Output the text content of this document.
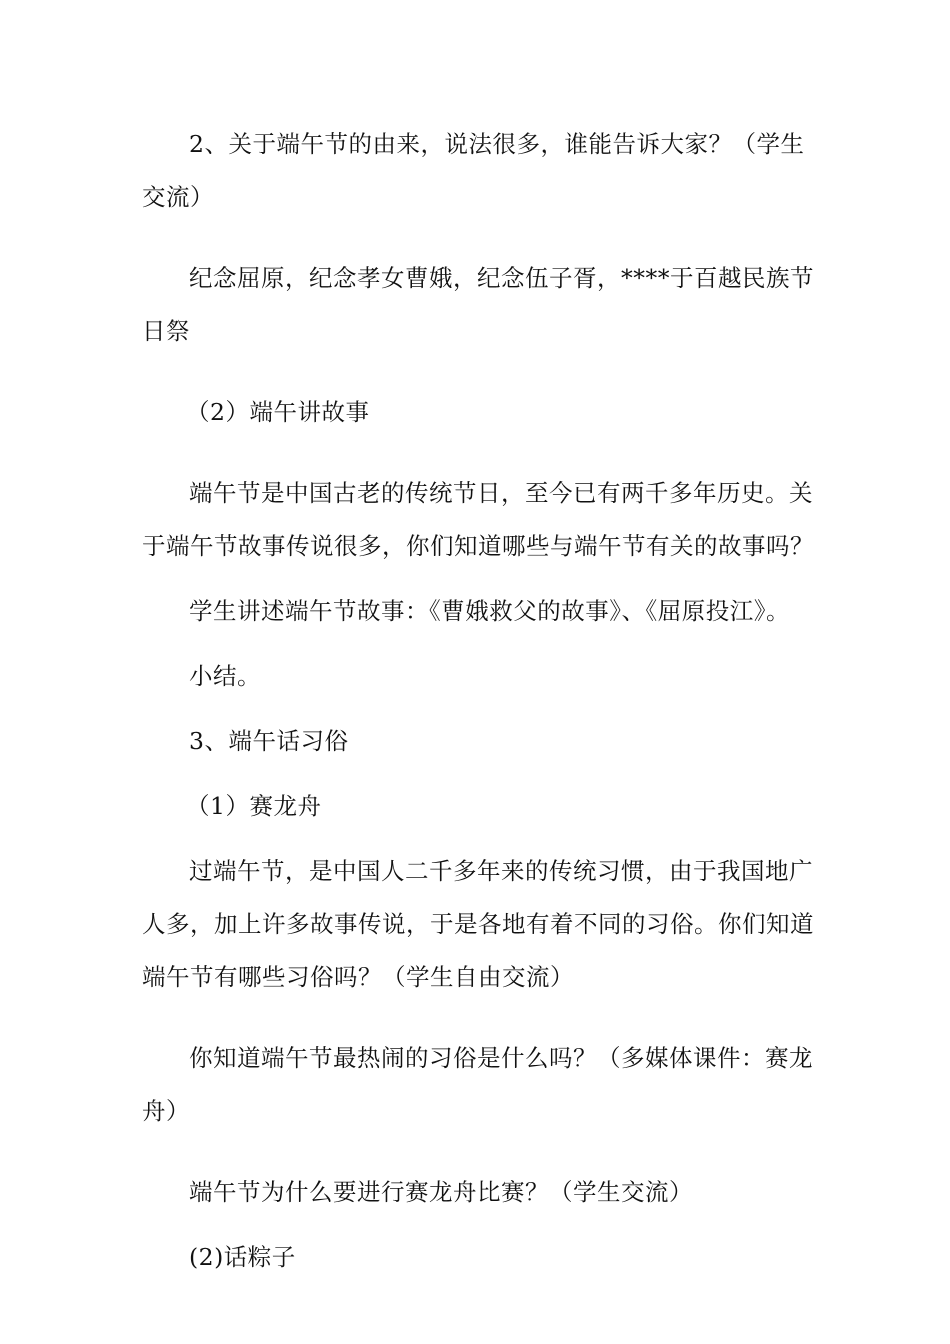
2、关于端午节的由来，说法很多，谁能告诉大家？（学生交流）

纪念屈原，纪念孝女曹娥，纪念伍子胥，****于百越民族节日祭

（2）端午讲故事

端午节是中国古老的传统节日，至今已有两千多年历史。关于端午节故事传说很多，你们知道哪些与端午节有关的故事吗？

学生讲述端午节故事：《曹娥救父的故事》、《屈原投江》。

小结。

3、端午话习俗

（1）赛龙舟

过端午节，是中国人二千多年来的传统习惯，由于我国地广人多，加上许多故事传说，于是各地有着不同的习俗。你们知道端午节有哪些习俗吗？（学生自由交流）

你知道端午节最热闹的习俗是什么吗？（多媒体课件：赛龙舟）

端午节为什么要进行赛龙舟比赛？（学生交流）

(2)话粽子
